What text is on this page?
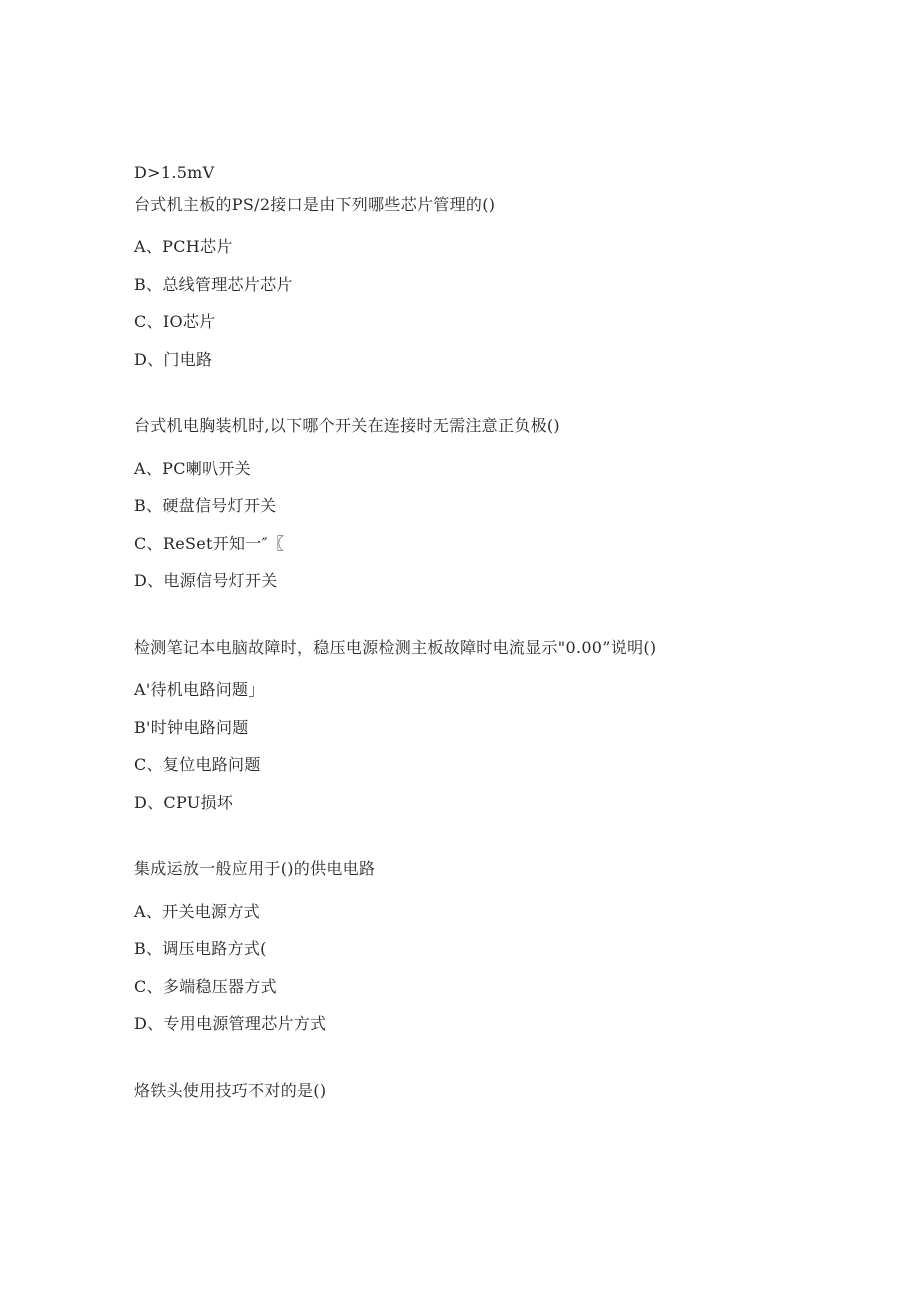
D>1.5mV
台式机主板的PS/2接口是由下列哪些芯片管理的()
A、PCH芯片
B、总线管理芯片芯片
C、IO芯片
D、门电路
台式机电胸装机时,以下哪个开关在连接时无需注意正负极()
A、PC喇叭开关
B、硬盘信号灯开关
C、ReSet开知一″〖
D、电源信号灯开关
检测笔记本电脑故障时，稳压电源检测主板故障时电流显示"0.00”说明()
A'待机电路问题」
B'时钟电路问题
C、复位电路问题
D、CPU损坏
集成运放一般应用于()的供电电路
A、开关电源方式
B、调压电路方式(
C、多端稳压器方式
D、专用电源管理芯片方式
烙铁头使用技巧不对的是()
